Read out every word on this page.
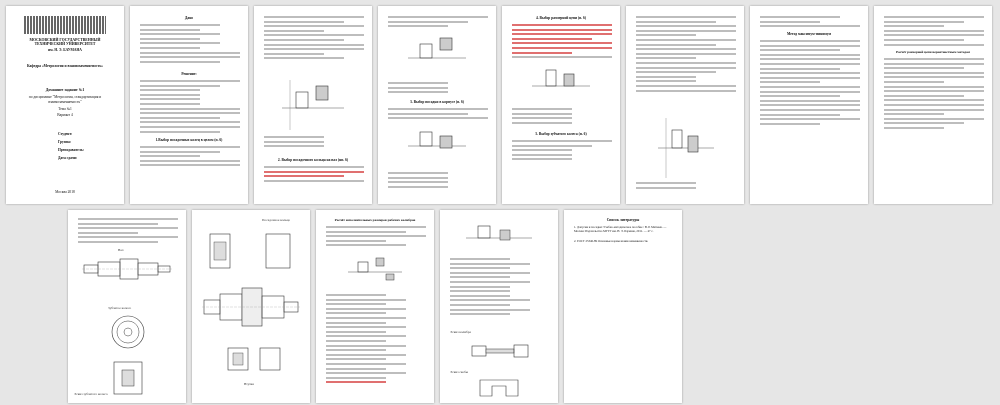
МОСКОВСКИЙ ГОСУДАРСТВЕННЫЙ ТЕХНИЧЕСКИЙ УНИВЕРСИТЕТ
им. Н. Э. БАУМАНА
Кафедра «Метрология и взаимозаменяемость»
Домашнее задание №1
по дисциплине "Метрология, стандартизация и взаимозаменяемость"
Тема №1
Вариант 4
Студент:
Группа:
Преподаватель:
Дата сдачи:
Москва 2018
Дано
Решение:
1.Выбор посадочных колец в целом (п. 6)
2. Выбор посадочного кольца на вал (нп. 6)
3. Выбор посадки в корпусе (п. 6)
4. Выбор размерной цепи (п. 6)
5. Выбор зубчатого колеса (п. 6)
Метод максимум-минимум
Расчёт размерной цепи вероятностным методом
Вал
Зубчатое колесо
Эскиз зубчатого колеса
Посадочное кольцо
Втулка
Расчёт исполнительных размеров рабочих калибров
Эскиз калибра
Эскиз скобы
Список литературы
1. Допуски и посадки: Учебно-методическое пособие / В. Р. Матвеев. — Москва: Издательство МГТУ им. Н. Э. Баумана, 2011. — 47 с.
2. ГОСТ 25346-89 Основные нормы взаимозаменяемости.
